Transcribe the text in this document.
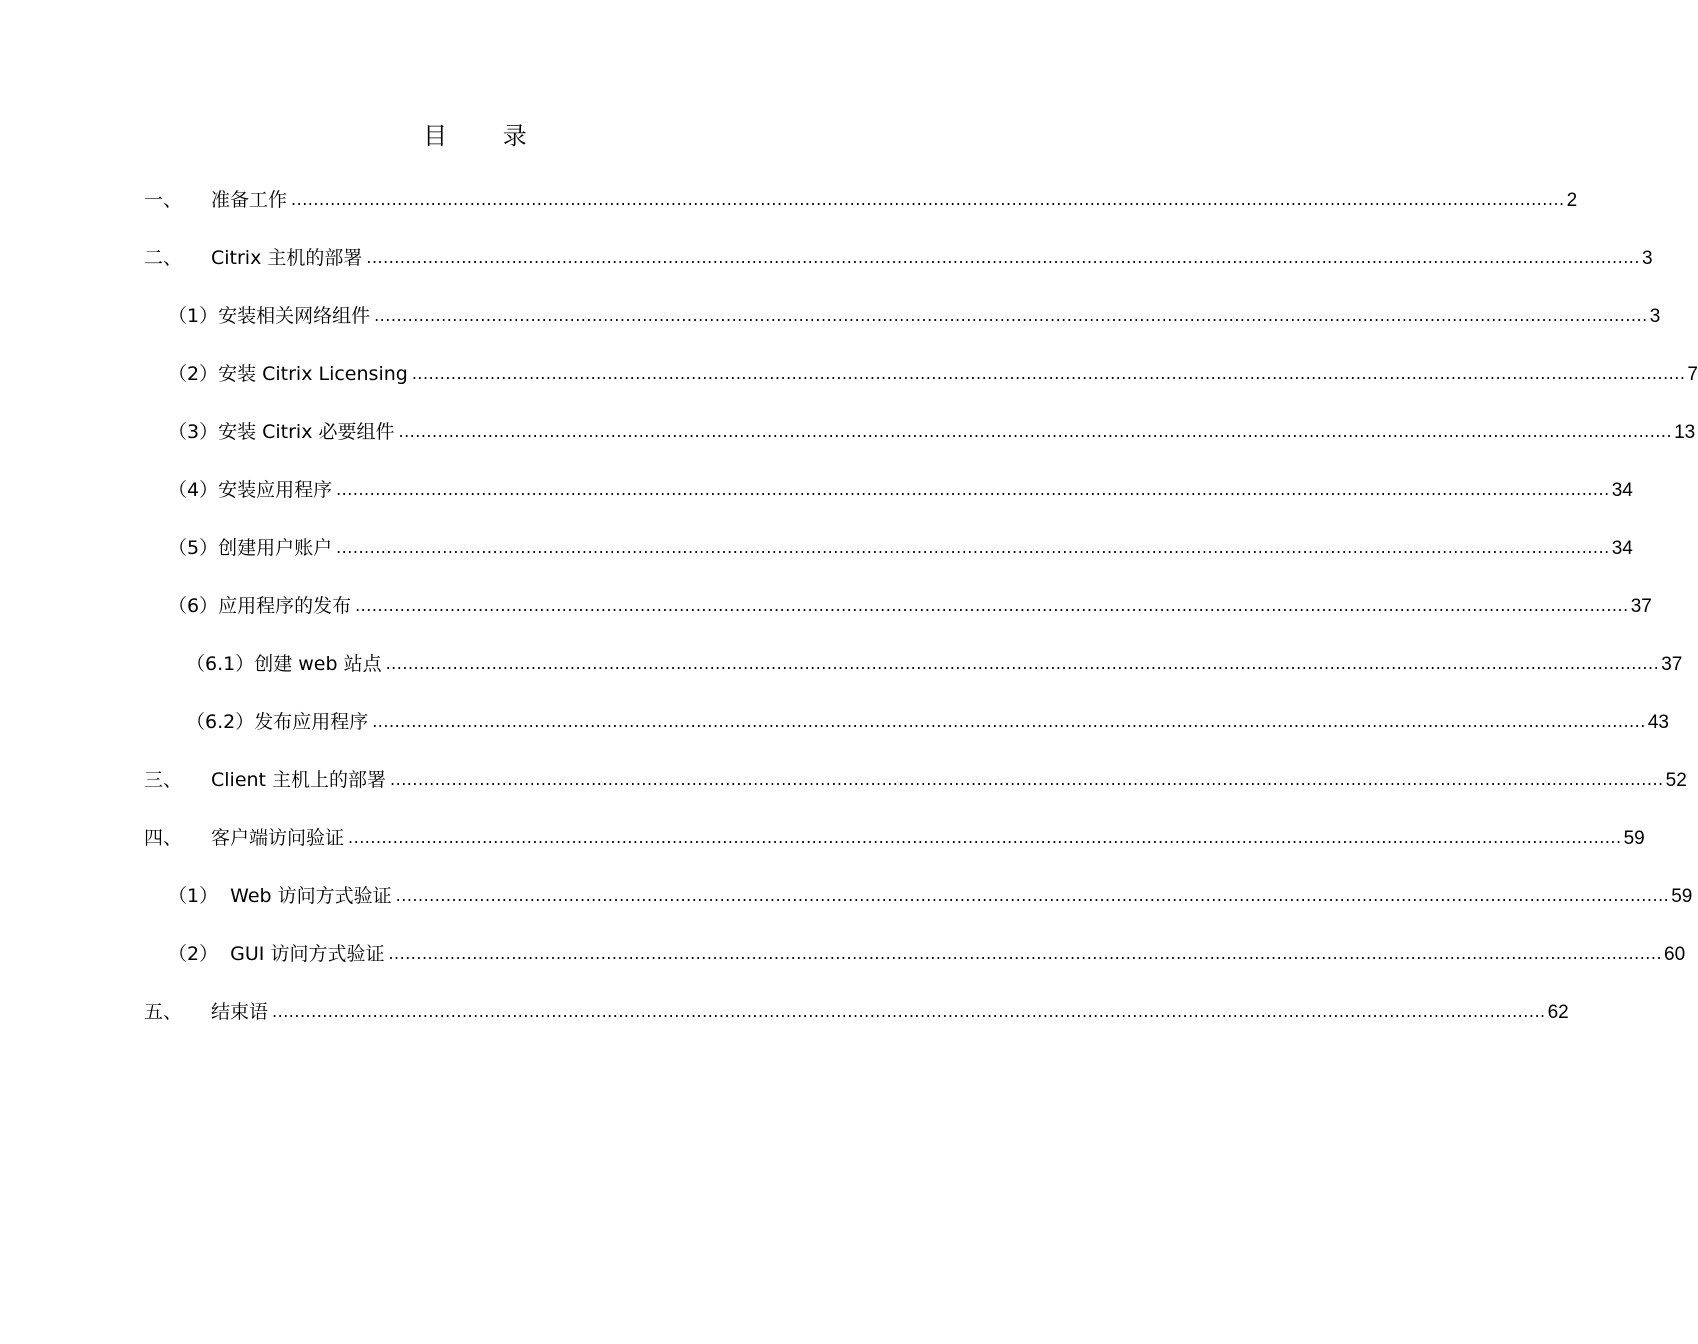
目 录
一、	准备工作 .................................................................................................................................................................................................................................... 2
二、	Citrix 主机的部署 .................................................................................................................................................................................................................................... 3
（1）安装相关网络组件 .................................................................................................................................................................................................................................... 3
（2）安装 Citrix Licensing .................................................................................................................................................................................................................................... 7
（3）安装 Citrix 必要组件 .................................................................................................................................................................................................................................... 13
（4）安装应用程序 .................................................................................................................................................................................................................................... 34
（5）创建用户账户 .................................................................................................................................................................................................................................... 34
（6）应用程序的发布 .................................................................................................................................................................................................................................... 37
（6.1）创建 web 站点 .................................................................................................................................................................................................................................... 37
（6.2）发布应用程序 .................................................................................................................................................................................................................................... 43
三、	Client 主机上的部署 .................................................................................................................................................................................................................................... 52
四、	客户端访问验证 .................................................................................................................................................................................................................................... 59
（1）  Web 访问方式验证 .................................................................................................................................................................................................................................... 59
（2）  GUI 访问方式验证 .................................................................................................................................................................................................................................... 60
五、	结束语 .................................................................................................................................................................................................................................... 62
